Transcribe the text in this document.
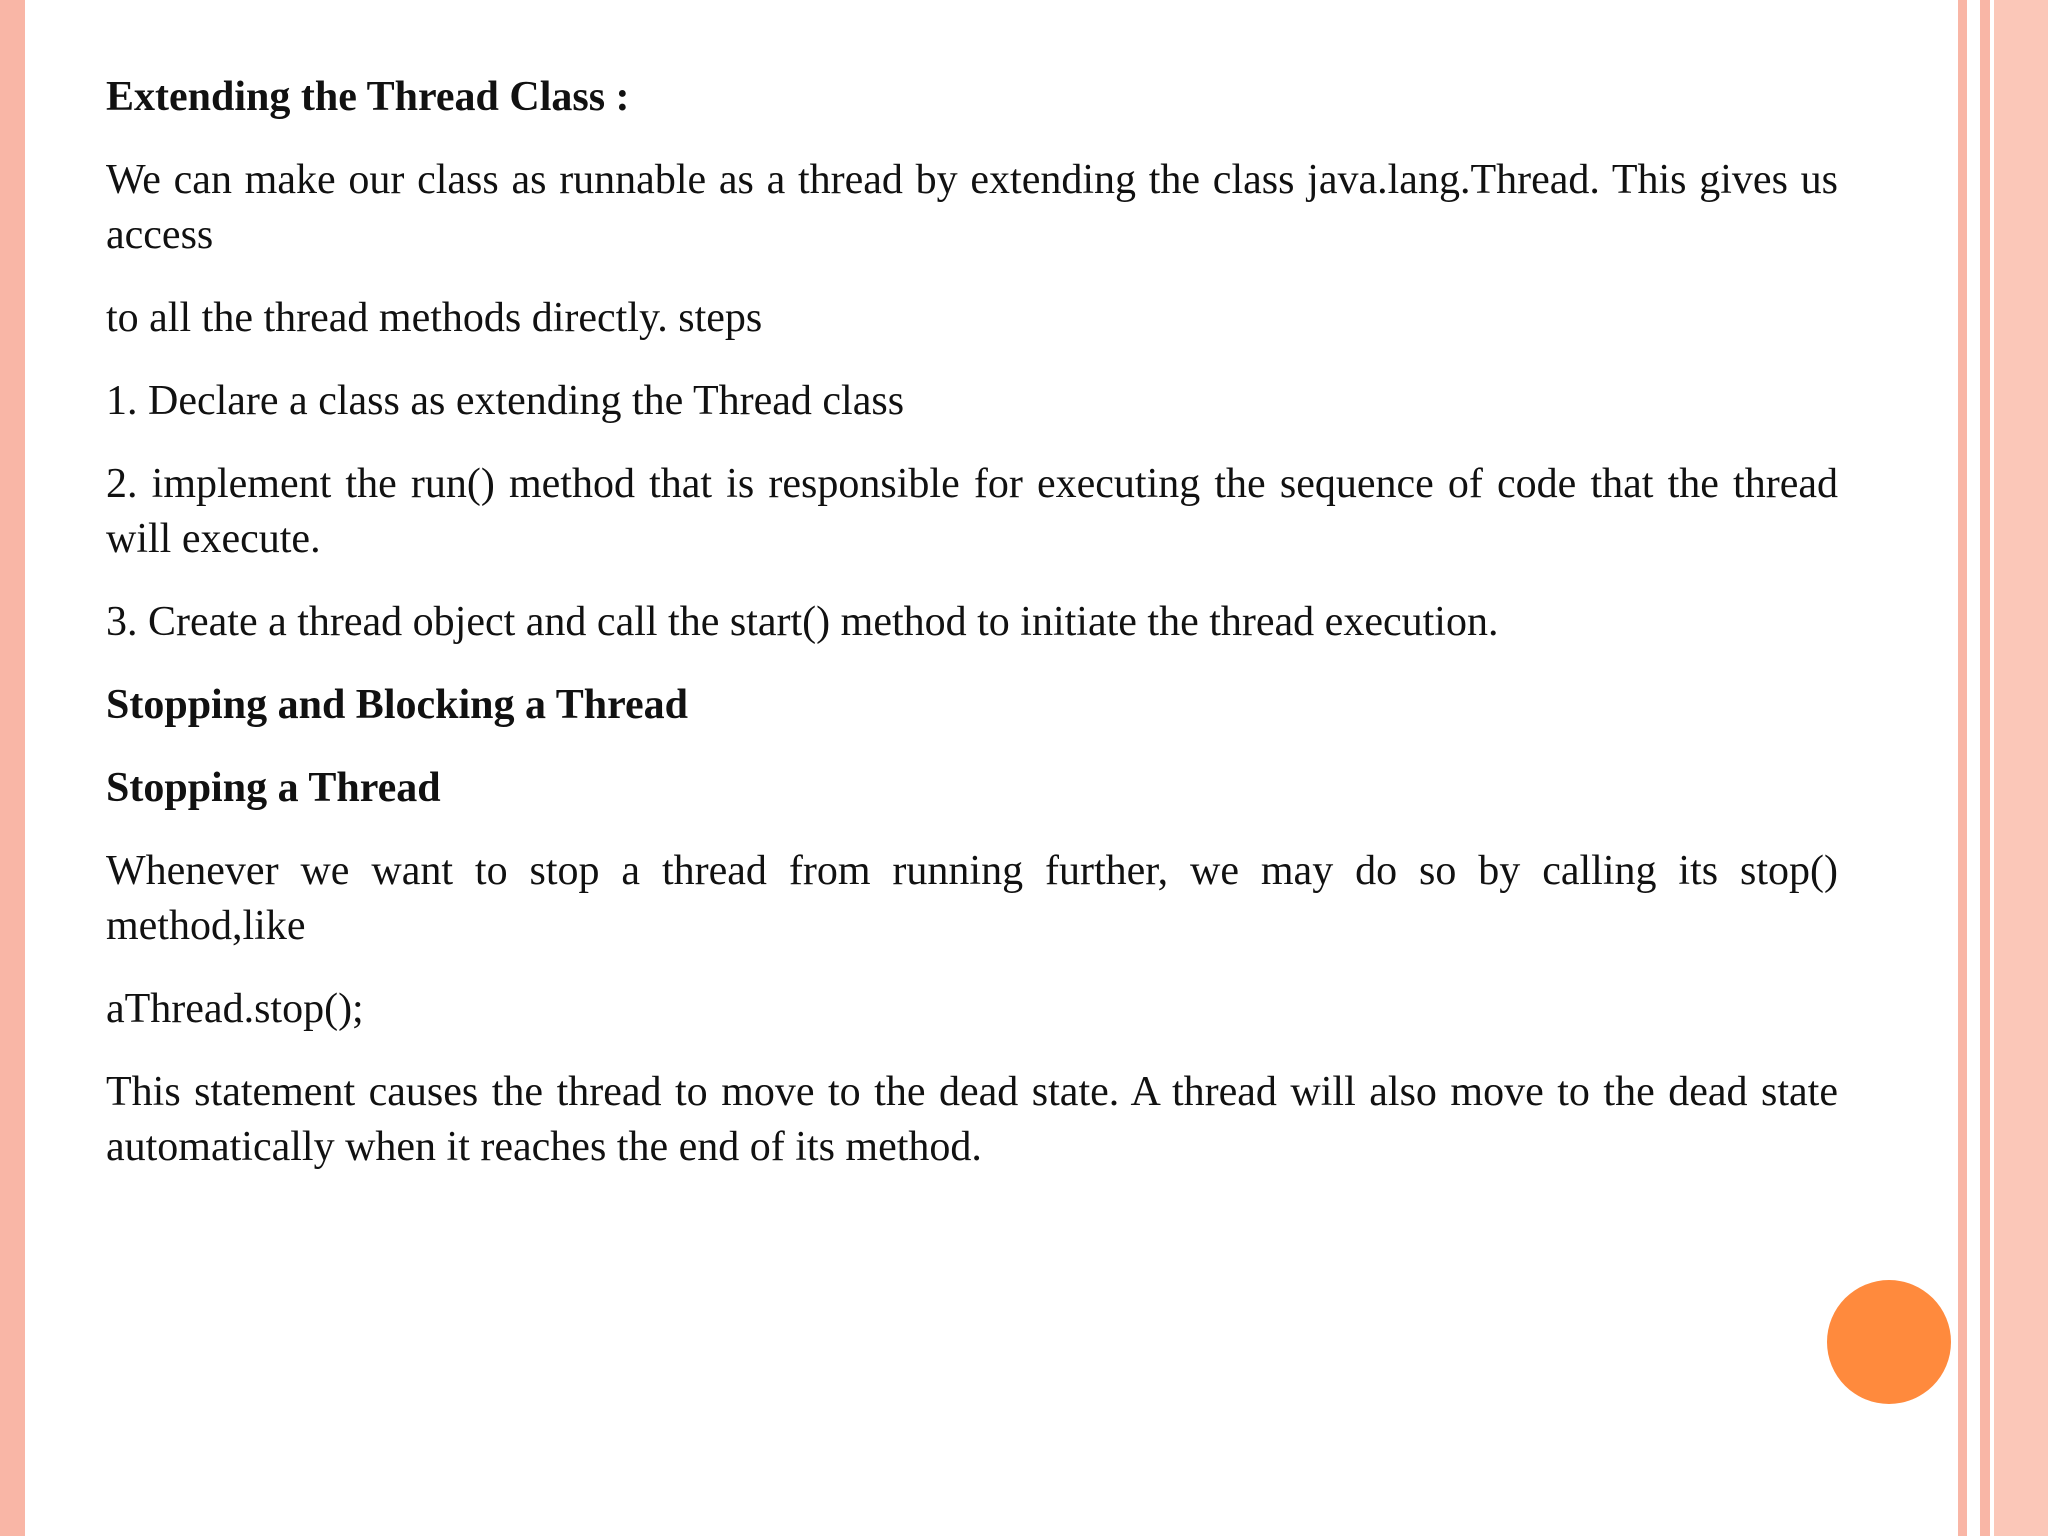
Extending the Thread Class :

We can make our class as runnable as a thread by extending the class java.lang.Thread. This gives us access

to all the thread methods directly. steps

1. Declare a class as extending the Thread class

2. implement the run() method that is responsible for executing the sequence of code that the thread will execute.

3. Create a thread object and call the start() method to initiate the thread execution.

Stopping and Blocking a Thread

Stopping a Thread

Whenever we want to stop a thread from running further, we may do so by calling its stop() method,like

aThread.stop();

This statement causes the thread to move to the dead state. A thread will also move to the dead state automatically when it reaches the end of its method.
